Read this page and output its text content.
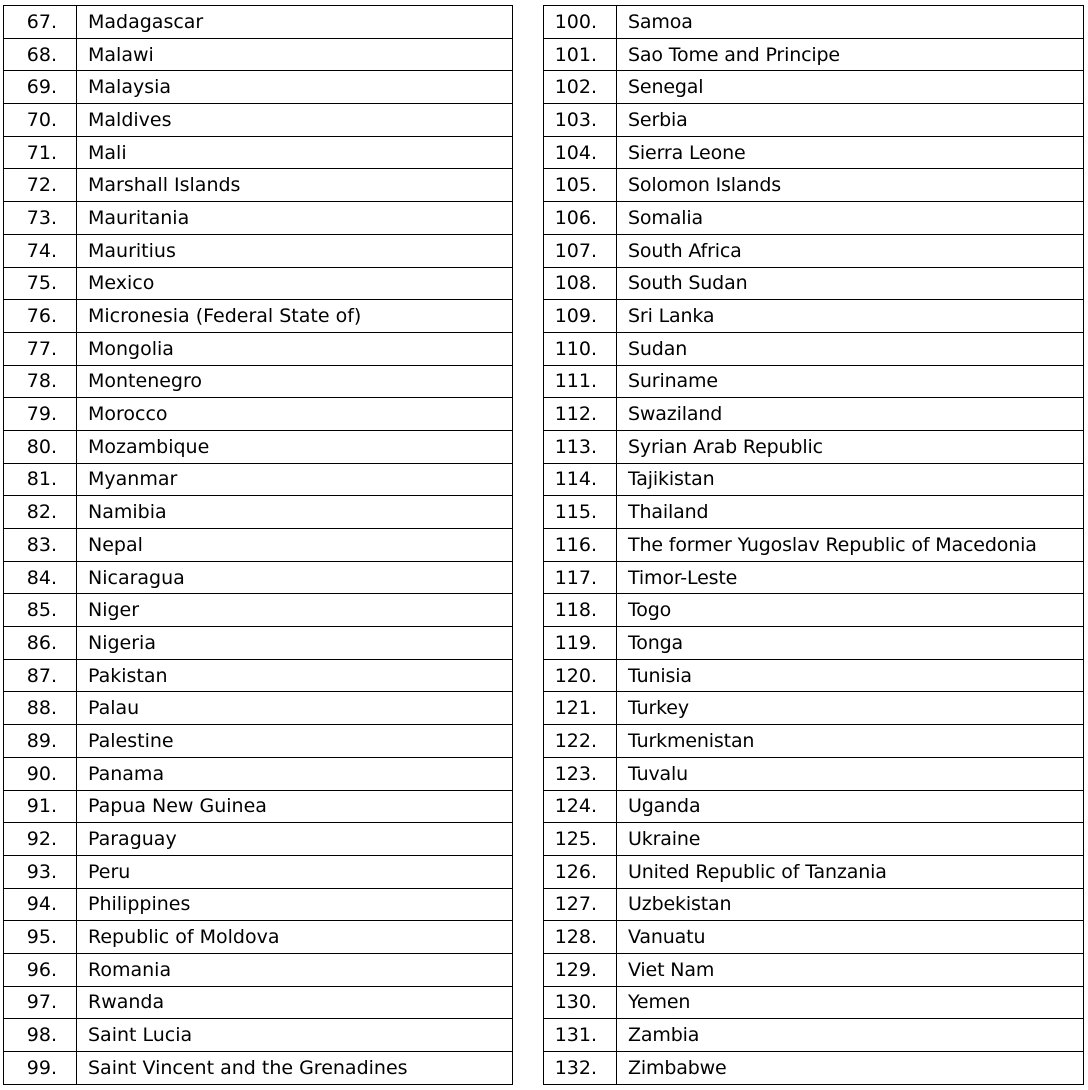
67.	Madagascar
68.	Malawi
69.	Malaysia
70.	Maldives
71.	Mali
72.	Marshall Islands
73.	Mauritania
74.	Mauritius
75.	Mexico
76.	Micronesia (Federal State of)
77.	Mongolia
78.	Montenegro
79.	Morocco
80.	Mozambique
81.	Myanmar
82.	Namibia
83.	Nepal
84.	Nicaragua
85.	Niger
86.	Nigeria
87.	Pakistan
88.	Palau
89.	Palestine
90.	Panama
91.	Papua New Guinea
92.	Paraguay
93.	Peru
94.	Philippines
95.	Republic of Moldova
96.	Romania
97.	Rwanda
98.	Saint Lucia
99.	Saint Vincent and the Grenadines
100.	Samoa
101.	Sao Tome and Principe
102.	Senegal
103.	Serbia
104.	Sierra Leone
105.	Solomon Islands
106.	Somalia
107.	South Africa
108.	South Sudan
109.	Sri Lanka
110.	Sudan
111.	Suriname
112.	Swaziland
113.	Syrian Arab Republic
114.	Tajikistan
115.	Thailand
116.	The former Yugoslav Republic of Macedonia
117.	Timor-Leste
118.	Togo
119.	Tonga
120.	Tunisia
121.	Turkey
122.	Turkmenistan
123.	Tuvalu
124.	Uganda
125.	Ukraine
126.	United Republic of Tanzania
127.	Uzbekistan
128.	Vanuatu
129.	Viet Nam
130.	Yemen
131.	Zambia
132.	Zimbabwe
